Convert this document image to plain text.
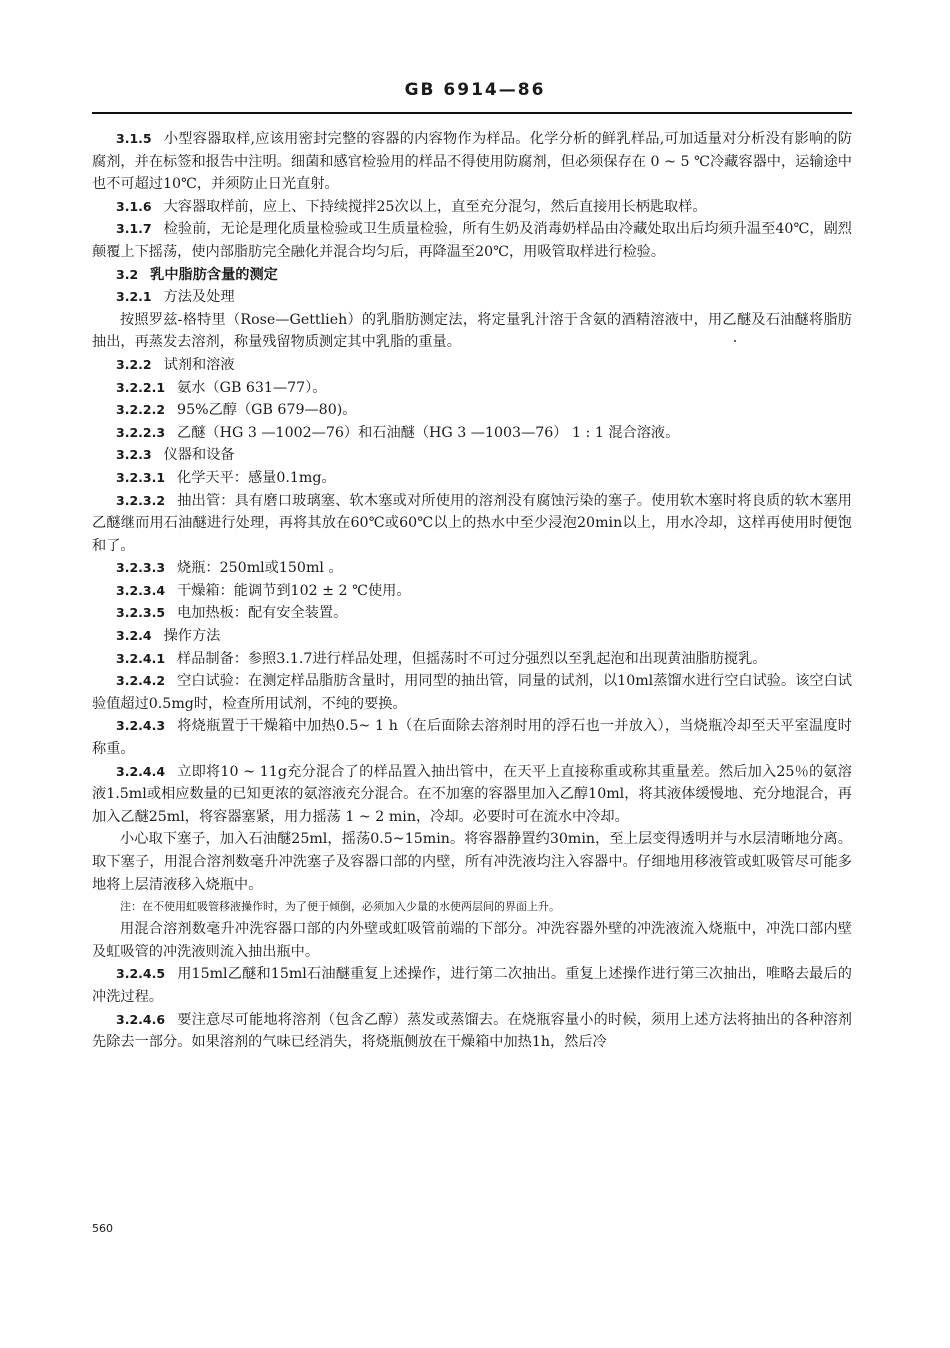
GB 6914—86

3.1.5 小型容器取样,应该用密封完整的容器的内容物作为样品。化学分析的鲜乳样品,可加适量对分析没有影响的防腐剂，并在标签和报告中注明。细菌和感官检验用的样品不得使用防腐剂，但必须保存在 0 ~ 5 ℃冷藏容器中，运输途中也不可超过10℃，并须防止日光直射。

3.1.6 大容器取样前，应上、下持续搅拌25次以上，直至充分混匀，然后直接用长柄匙取样。

3.1.7 检验前，无论是理化质量检验或卫生质量检验，所有生奶及消毒奶样品由冷藏处取出后均须升温至40℃，剧烈颠覆上下摇荡，使内部脂肪完全融化并混合均匀后，再降温至20℃，用吸管取样进行检验。

3.2 乳中脂肪含量的测定

3.2.1 方法及处理

按照罗兹-格特里（Rose—Gettlieh）的乳脂肪测定法，将定量乳汁溶于含氨的酒精溶液中，用乙醚及石油醚将脂肪抽出，再蒸发去溶剂，称量残留物质测定其中乳脂的重量。

3.2.2 试剂和溶液

3.2.2.1 氨水（GB 631—77）。

3.2.2.2 95%乙醇（GB 679—80)。

3.2.2.3 乙醚（HG 3 —1002—76）和石油醚（HG 3 —1003—76） 1 : 1 混合溶液。

3.2.3 仪器和设备

3.2.3.1 化学天平：感量0.1mg。

3.2.3.2 抽出管：具有磨口玻璃塞、软木塞或对所使用的溶剂没有腐蚀污染的塞子。使用软木塞时将良质的软木塞用乙醚继而用石油醚进行处理，再将其放在60℃或60℃以上的热水中至少浸泡20min以上，用水冷却，这样再使用时便饱和了。

3.2.3.3 烧瓶：250ml或150ml 。

3.2.3.4 干燥箱：能调节到102 ± 2 ℃使用。

3.2.3.5 电加热板：配有安全装置。

3.2.4 操作方法

3.2.4.1 样品制备：参照3.1.7进行样品处理，但摇荡时不可过分强烈以至乳起泡和出现黄油脂肪搅乳。

3.2.4.2 空白试验：在测定样品脂肪含量时，用同型的抽出管，同量的试剂，以10ml蒸馏水进行空白试验。该空白试验值超过0.5mg时，检查所用试剂，不纯的要换。

3.2.4.3 将烧瓶置于干燥箱中加热0.5~ 1 h（在后面除去溶剂时用的浮石也一并放入），当烧瓶冷却至天平室温度时称重。

3.2.4.4 立即将10 ~ 11g充分混合了的样品置入抽出管中，在天平上直接称重或称其重量差。然后加入25％的氨溶液1.5ml或相应数量的已知更浓的氨溶液充分混合。在不加塞的容器里加入乙醇10ml，将其液体缓慢地、充分地混合，再加入乙醚25ml，将容器塞紧，用力摇荡 1 ~ 2 min，冷却。必要时可在流水中冷却。

小心取下塞子，加入石油醚25ml，摇荡0.5~15min。将容器静置约30min，至上层变得透明并与水层清晰地分离。取下塞子，用混合溶剂数毫升冲洗塞子及容器口部的内壁，所有冲洗液均注入容器中。仔细地用移液管或虹吸管尽可能多地将上层清液移入烧瓶中。

注：在不使用虹吸管移液操作时，为了便于倾倒，必须加入少量的水使两层间的界面上升。

用混合溶剂数毫升冲洗容器口部的内外壁或虹吸管前端的下部分。冲洗容器外壁的冲洗液流入烧瓶中，冲洗口部内壁及虹吸管的冲洗液则流入抽出瓶中。

3.2.4.5 用15ml乙醚和15ml石油醚重复上述操作，进行第二次抽出。重复上述操作进行第三次抽出，唯略去最后的冲洗过程。

3.2.4.6 要注意尽可能地将溶剂（包含乙醇）蒸发或蒸馏去。在烧瓶容量小的时候，须用上述方法将抽出的各种溶剂先除去一部分。如果溶剂的气味已经消失，将烧瓶侧放在干燥箱中加热1h，然后冷

560
